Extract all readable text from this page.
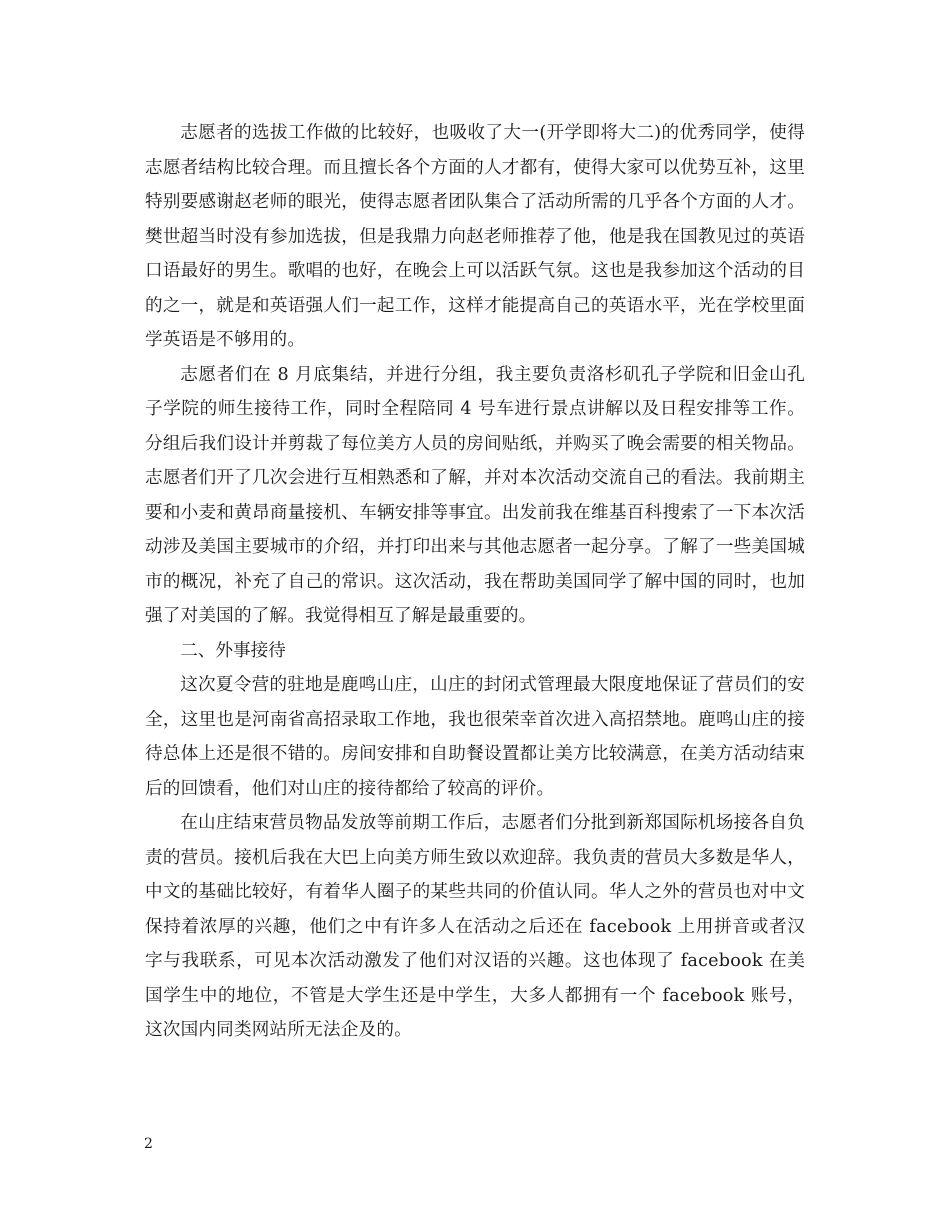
志愿者的选拔工作做的比较好，也吸收了大一(开学即将大二)的优秀同学，使得志愿者结构比较合理。而且擅长各个方面的人才都有，使得大家可以优势互补，这里特别要感谢赵老师的眼光，使得志愿者团队集合了活动所需的几乎各个方面的人才。樊世超当时没有参加选拔，但是我鼎力向赵老师推荐了他，他是我在国教见过的英语口语最好的男生。歌唱的也好，在晚会上可以活跃气氛。这也是我参加这个活动的目的之一，就是和英语强人们一起工作，这样才能提高自己的英语水平，光在学校里面学英语是不够用的。

志愿者们在 8 月底集结，并进行分组，我主要负责洛杉矶孔子学院和旧金山孔子学院的师生接待工作，同时全程陪同 4 号车进行景点讲解以及日程安排等工作。分组后我们设计并剪裁了每位美方人员的房间贴纸，并购买了晚会需要的相关物品。志愿者们开了几次会进行互相熟悉和了解，并对本次活动交流自己的看法。我前期主要和小麦和黄昂商量接机、车辆安排等事宜。出发前我在维基百科搜索了一下本次活动涉及美国主要城市的介绍，并打印出来与其他志愿者一起分享。了解了一些美国城市的概况，补充了自己的常识。这次活动，我在帮助美国同学了解中国的同时，也加强了对美国的了解。我觉得相互了解是最重要的。

二、外事接待

这次夏令营的驻地是鹿鸣山庄，山庄的封闭式管理最大限度地保证了营员们的安全，这里也是河南省高招录取工作地，我也很荣幸首次进入高招禁地。鹿鸣山庄的接待总体上还是很不错的。房间安排和自助餐设置都让美方比较满意，在美方活动结束后的回馈看，他们对山庄的接待都给了较高的评价。

在山庄结束营员物品发放等前期工作后，志愿者们分批到新郑国际机场接各自负责的营员。接机后我在大巴上向美方师生致以欢迎辞。我负责的营员大多数是华人，中文的基础比较好，有着华人圈子的某些共同的价值认同。华人之外的营员也对中文保持着浓厚的兴趣，他们之中有许多人在活动之后还在 facebook 上用拼音或者汉字与我联系，可见本次活动激发了他们对汉语的兴趣。这也体现了 facebook 在美国学生中的地位，不管是大学生还是中学生，大多人都拥有一个 facebook 账号，这次国内同类网站所无法企及的。

2
